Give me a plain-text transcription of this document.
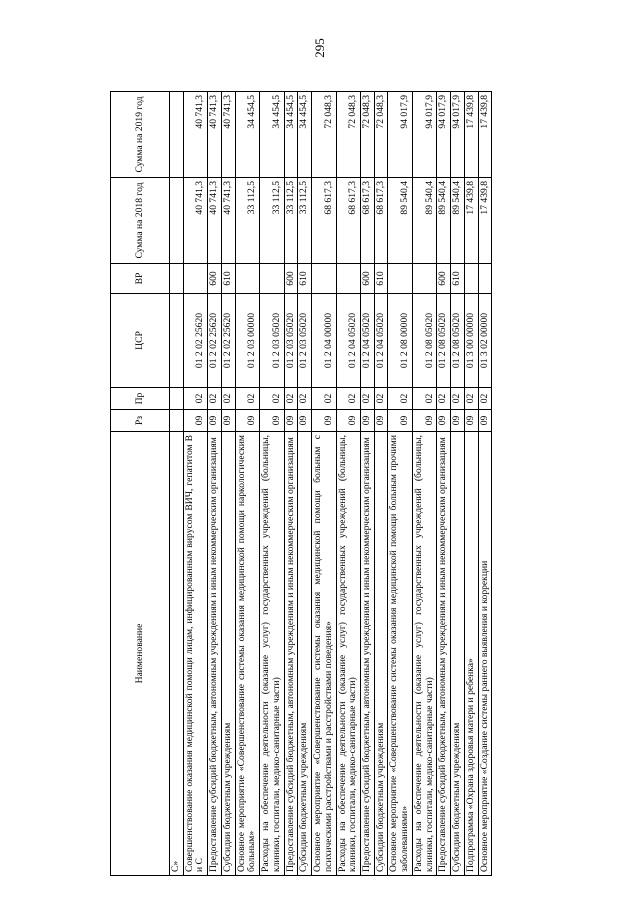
295
Наименование	Рз	Пр	ЦСР	ВР	Сумма на 2018 год	Сумма на 2019 год
С»						
Совершенствование оказания медицинской помощи лицам, инфицированным вирусом ВИЧ, гепатитом В и С	09	02	01 2 02 25620		40 741,3	40 741,3
Предоставление субсидий бюджетным, автономным учреждениям и иным некоммерческим организациям	09	02	01 2 02 25620	600	40 741,3	40 741,3
Субсидии бюджетным учреждениям	09	02	01 2 02 25620	610	40 741,3	40 741,3
Основное мероприятие «Совершенствование системы оказания медицинской помощи наркологическим больным»	09	02	01 2 03 00000		33 112,5	34 454,5
Расходы на обеспечение деятельности (оказание услуг) государственных учреждений (больницы, клиники, госпитали, медико-санитарные части)	09	02	01 2 03 05020		33 112,5	34 454,5
Предоставление субсидий бюджетным, автономным учреждениям и иным некоммерческим организациям	09	02	01 2 03 05020	600	33 112,5	34 454,5
Субсидии бюджетным учреждениям	09	02	01 2 03 05020	610	33 112,5	34 454,5
Основное мероприятие «Совершенствование системы оказания медицинской помощи больным с психическими расстройствами и расстройствами поведения»	09	02	01 2 04 00000		68 617,3	72 048,3
Расходы на обеспечение деятельности (оказание услуг) государственных учреждений (больницы, клиники, госпитали, медико-санитарные части)	09	02	01 2 04 05020		68 617,3	72 048,3
Предоставление субсидий бюджетным, автономным учреждениям и иным некоммерческим организациям	09	02	01 2 04 05020	600	68 617,3	72 048,3
Субсидии бюджетным учреждениям	09	02	01 2 04 05020	610	68 617,3	72 048,3
Основное мероприятие «Совершенствование системы оказания медицинской помощи больным прочими заболеваниями»	09	02	01 2 08 00000		89 540,4	94 017,9
Расходы на обеспечение деятельности (оказание услуг) государственных учреждений (больницы, клиники, госпитали, медико-санитарные части)	09	02	01 2 08 05020		89 540,4	94 017,9
Предоставление субсидий бюджетным, автономным учреждениям и иным некоммерческим организациям	09	02	01 2 08 05020	600	89 540,4	94 017,9
Субсидии бюджетным учреждениям	09	02	01 2 08 05020	610	89 540,4	94 017,9
Подпрограмма «Охрана здоровья матери и ребенка»	09	02	01 3 00 00000		17 439,8	17 439,8
Основное мероприятие «Создание системы раннего выявления и коррекции	09	02	01 3 02 00000		17 439,8	17 439,8
